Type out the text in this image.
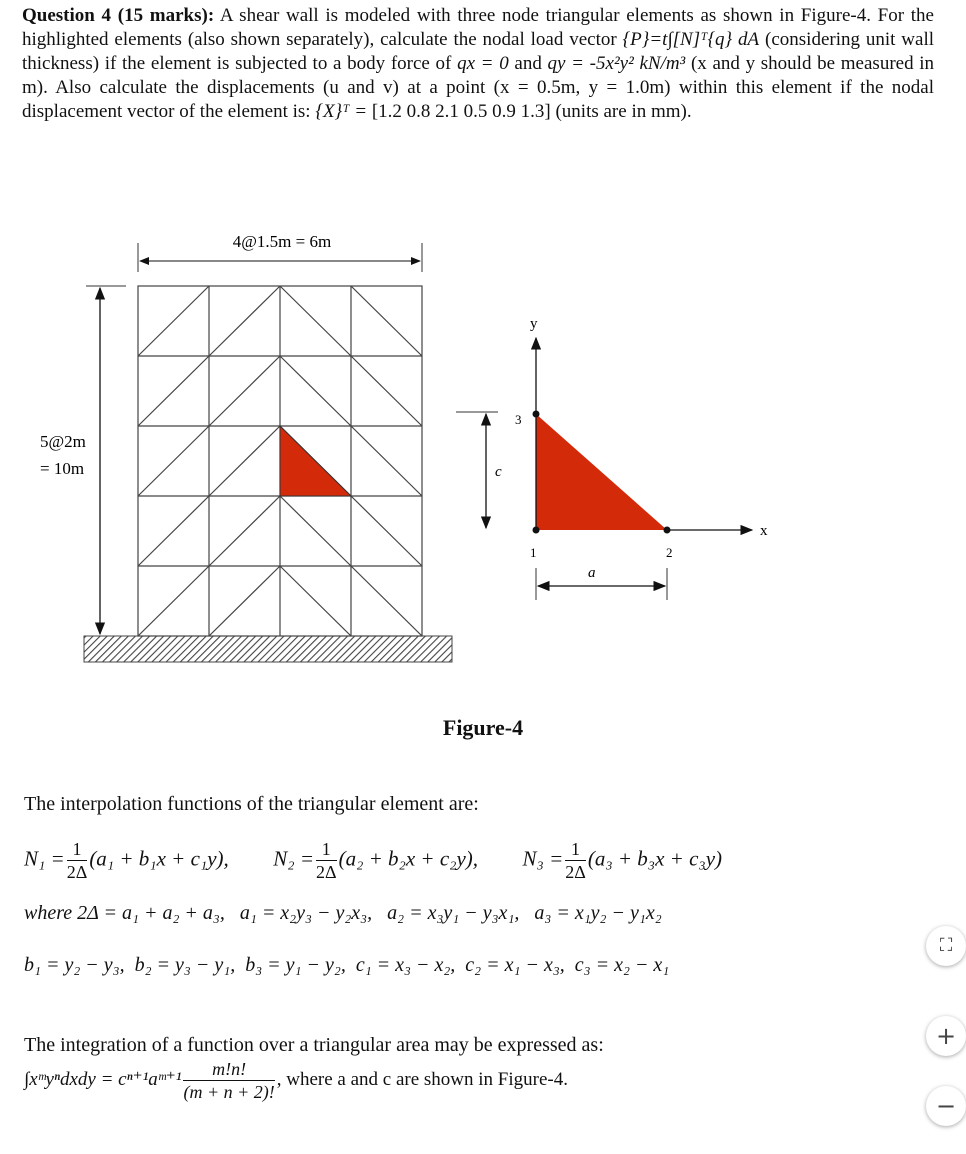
Question 4 (15 marks): A shear wall is modeled with three node triangular elements as shown in Figure-4. For the highlighted elements (also shown separately), calculate the nodal load vector {P}=t∫[N]ᵀ{q} dA (considering unit wall thickness) if the element is subjected to a body force of qx = 0 and qy = -5x²y² kN/m³ (x and y should be measured in m). Also calculate the displacements (u and v) at a point (x = 0.5m, y = 1.0m) within this element if the nodal displacement vector of the element is: {X}ᵀ = [1.2 0.8 2.1 0.5 0.9 1.3] (units are in mm).
4@1.5m = 6m
5@2m
= 10m
y
x
3
1	2
c
a
Figure-4
The interpolation functions of the triangular element are:
$N_1 = \frac{1}{2\Delta} (a_1 + b_1x + c_1y)$, $N_2 = \frac{1}{2\Delta} (a_2 + b_2x + c_2y)$, $N_3 = \frac{1}{2\Delta} (a_3 + b_3x + c_3y)$
where 2Δ = a₁ + a₂ + a₃,   a₁ = x₂y₃ − y₂x₃,   a₂ = x₃y₁ − y₃x₁,   a₃ = x₁y₂ − y₁x₂
b₁ = y₂ − y₃,  b₂ = y₃ − y₁,  b₃ = y₁ − y₂,  c₁ = x₃ − x₂,  c₂ = x₁ − x₃,  c₃ = x₂ − x₁
The integration of a function over a triangular area may be expressed as:
∫xᵐyⁿdxdy = cⁿ⁺¹aᵐ⁺¹ $\frac{m!n!}{(m + n + 2)!}$ , where a and c are shown in Figure-4.
⛶
+
−
